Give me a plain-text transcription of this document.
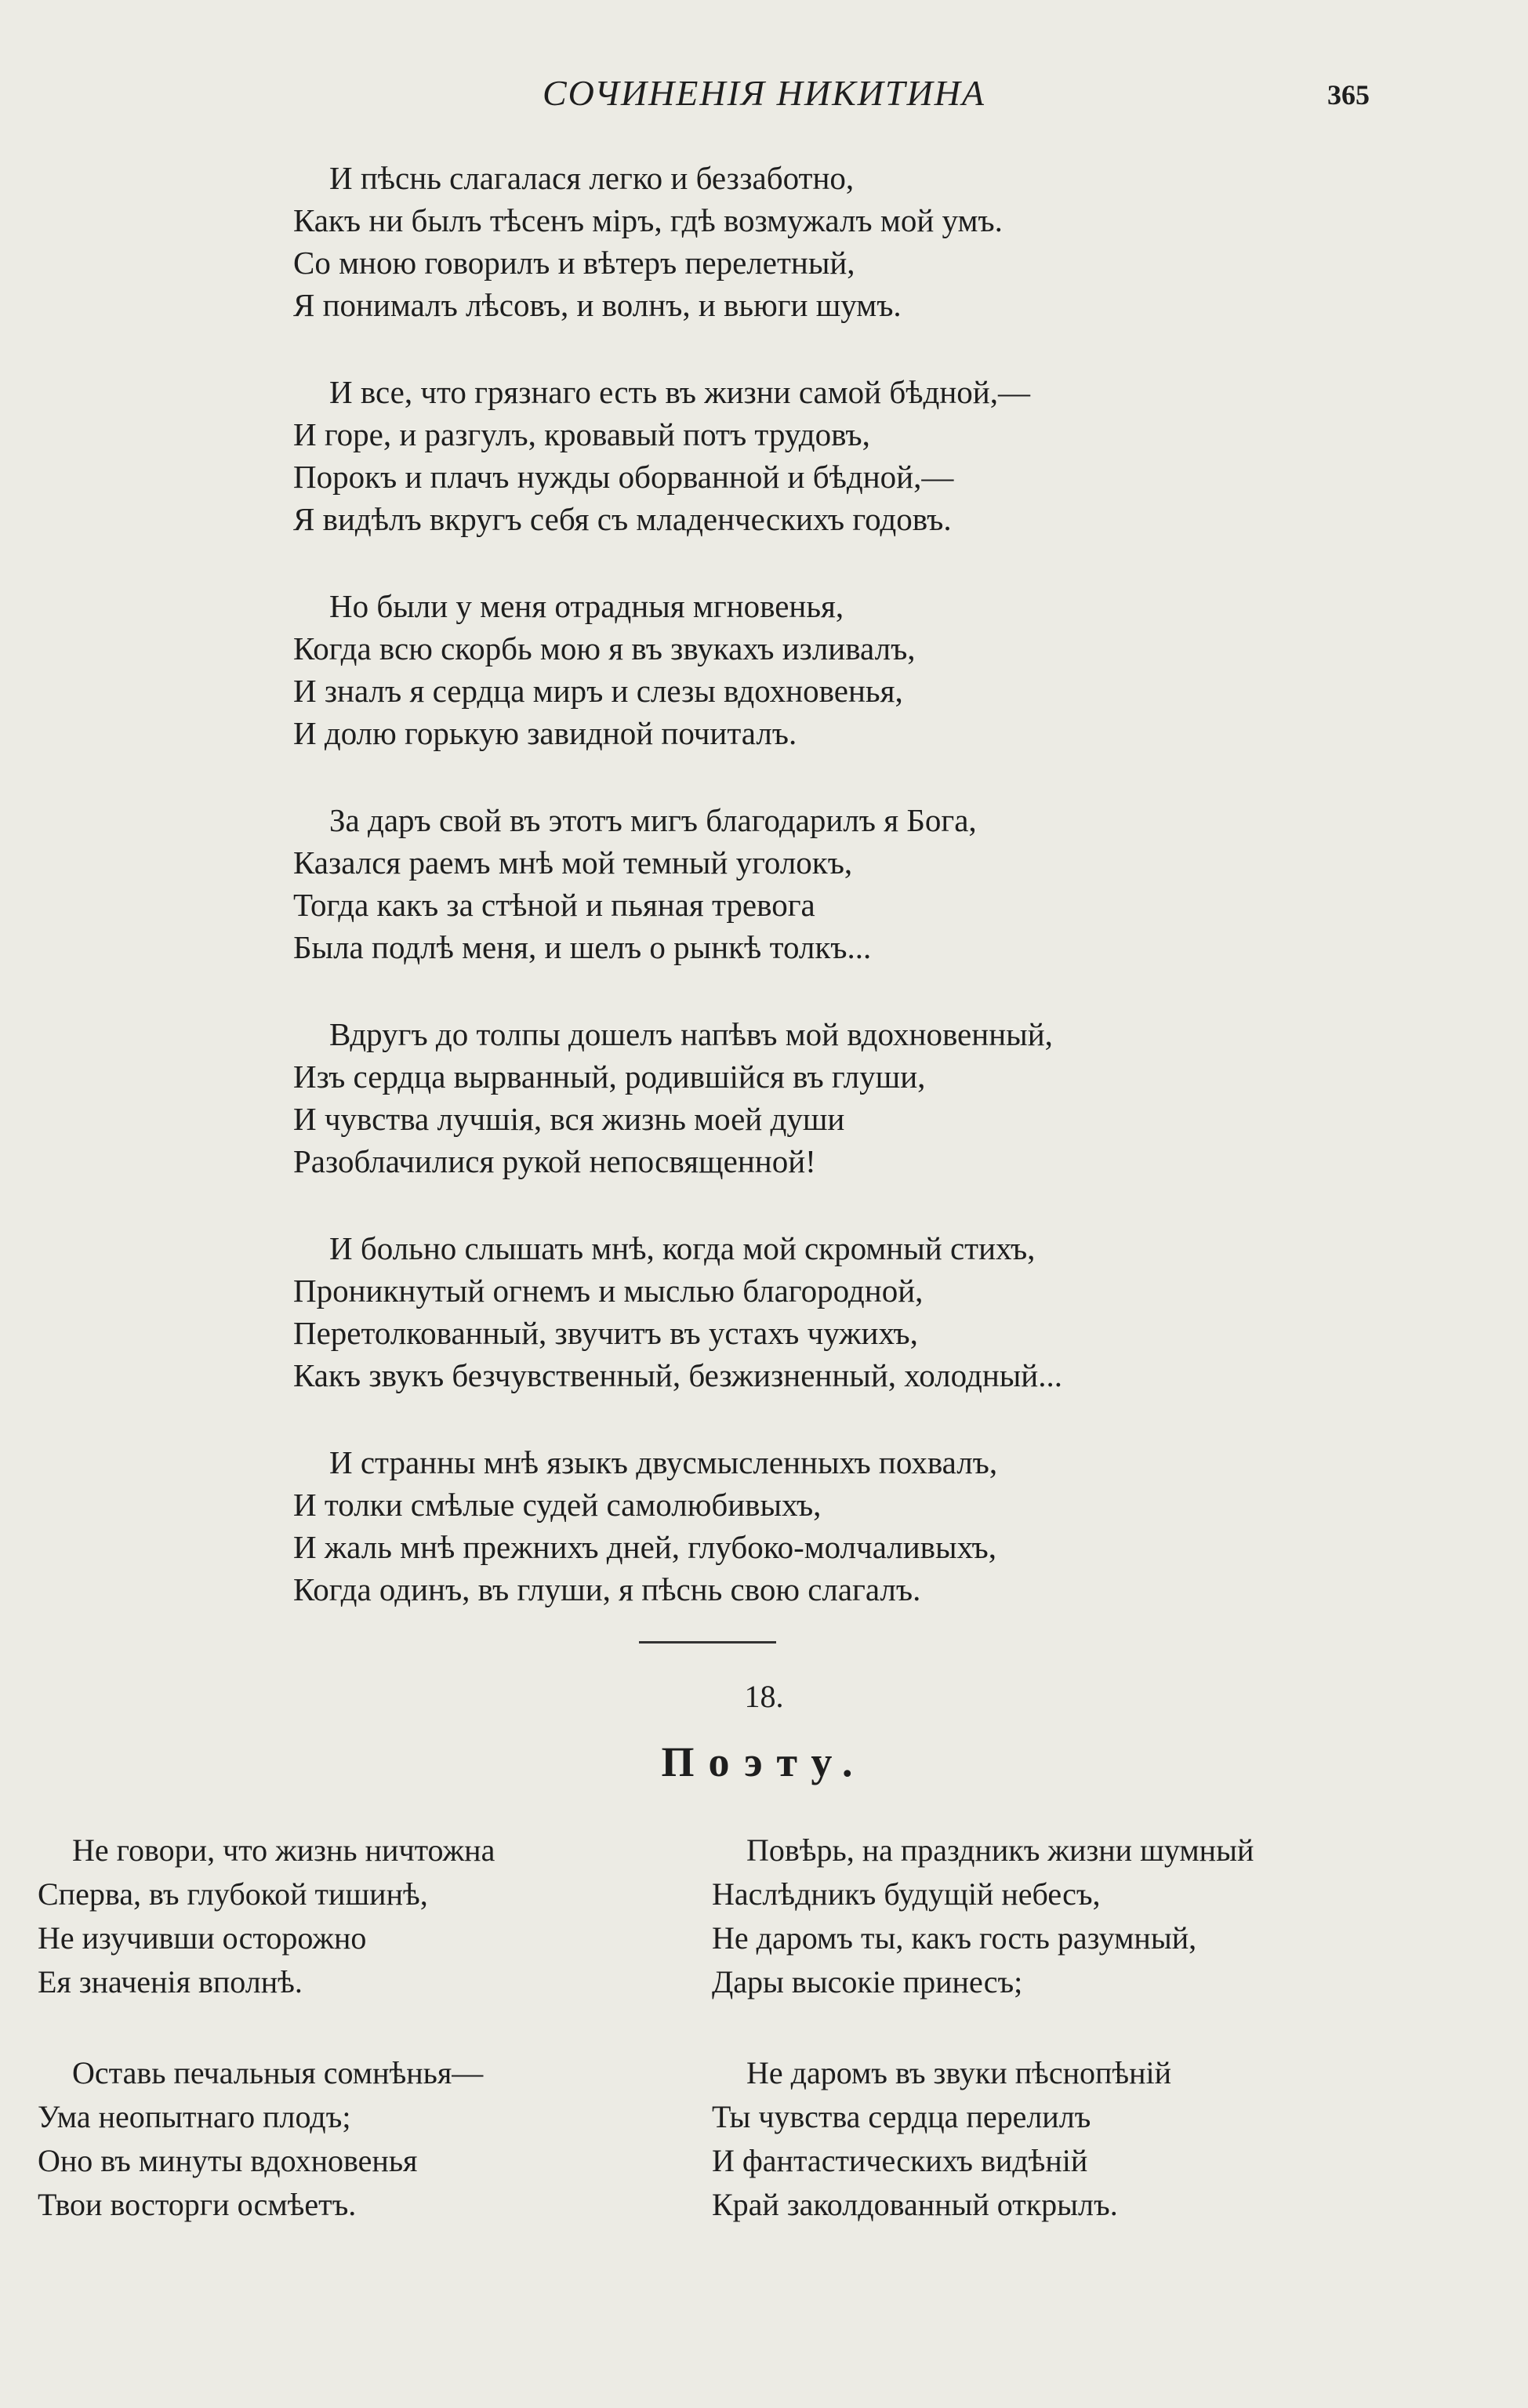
СОЧИНЕНІЯ НИКИТИНА	365
И пѣснь слагалася легко и беззаботно,
Какъ ни былъ тѣсенъ міръ, гдѣ возмужалъ мой умъ.
Со мною говорилъ и вѣтеръ перелетный,
Я понималъ лѣсовъ, и волнъ, и вьюги шумъ.
И все, что грязнаго есть въ жизни самой бѣдной,—
И горе, и разгулъ, кровавый потъ трудовъ,
Порокъ и плачъ нужды оборванной и бѣдной,—
Я видѣлъ вкругъ себя съ младенческихъ годовъ.
Но были у меня отрадныя мгновенья,
Когда всю скорбь мою я въ звукахъ изливалъ,
И зналъ я сердца миръ и слезы вдохновенья,
И долю горькую завидной почиталъ.
За даръ свой въ этотъ мигъ благодарилъ я Бога,
Казался раемъ мнѣ мой темный уголокъ,
Тогда какъ за стѣной и пьяная тревога
Была подлѣ меня, и шелъ о рынкѣ толкъ...
Вдругъ до толпы дошелъ напѣвъ мой вдохновенный,
Изъ сердца вырванный, родившійся въ глуши,
И чувства лучшія, вся жизнь моей души
Разоблачилися рукой непосвященной!
И больно слышать мнѣ, когда мой скромный стихъ,
Проникнутый огнемъ и мыслью благородной,
Перетолкованный, звучитъ въ устахъ чужихъ,
Какъ звукъ безчувственный, безжизненный, холодный...
И странны мнѣ языкъ двусмысленныхъ похвалъ,
И толки смѣлые судей самолюбивыхъ,
И жаль мнѣ прежнихъ дней, глубоко-молчаливыхъ,
Когда одинъ, въ глуши, я пѣснь свою слагалъ.
18.
Поэту.
Не говори, что жизнь ничтожна
Сперва, въ глубокой тишинѣ,
Не изучивши осторожно
Ея значенія вполнѣ.
Оставь печальныя сомнѣнья—
Ума неопытнаго плодъ;
Оно въ минуты вдохновенья
Твои восторги осмѣетъ.
Повѣрь, на праздникъ жизни шумный
Наслѣдникъ будущій небесъ,
Не даромъ ты, какъ гость разумный,
Дары высокіе принесъ;
Не даромъ въ звуки пѣснопѣній
Ты чувства сердца перелилъ
И фантастическихъ видѣній
Край заколдованный открылъ.
